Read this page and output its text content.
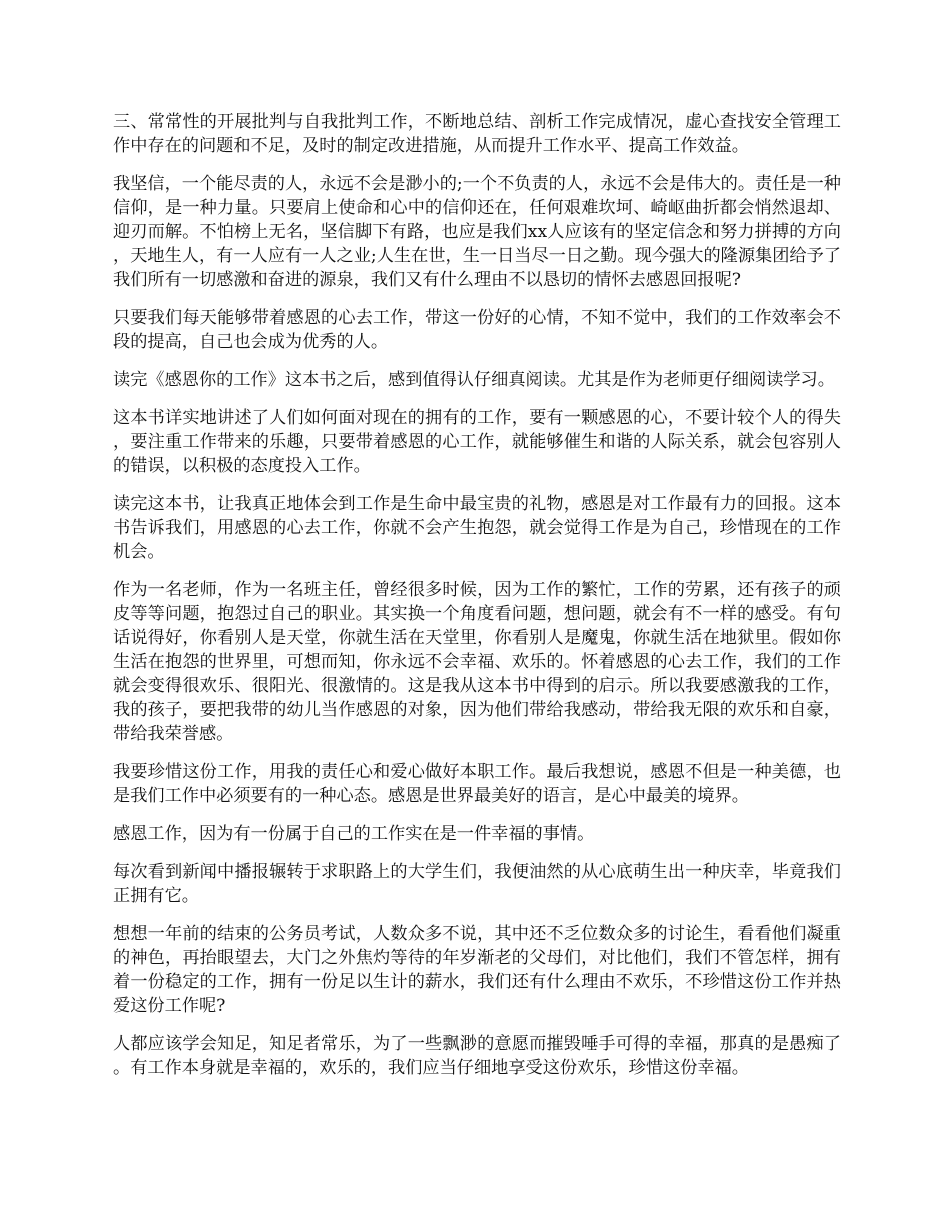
三、常常性的开展批判与自我批判工作，不断地总结、剖析工作完成情况，虚心查找安全管理工作中存在的问题和不足，及时的制定改进措施，从而提升工作水平、提高工作效益。

我坚信，一个能尽责的人，永远不会是渺小的;一个不负责的人，永远不会是伟大的。责任是一种信仰，是一种力量。只要肩上使命和心中的信仰还在，任何艰难坎坷、崎岖曲折都会悄然退却、迎刃而解。不怕榜上无名，坚信脚下有路，也应是我们xx人应该有的坚定信念和努力拼搏的方向，天地生人，有一人应有一人之业;人生在世，生一日当尽一日之勤。现今强大的隆源集团给予了我们所有一切感激和奋进的源泉，我们又有什么理由不以恳切的情怀去感恩回报呢?

只要我们每天能够带着感恩的心去工作，带这一份好的心情，不知不觉中，我们的工作效率会不段的提高，自己也会成为优秀的人。

读完《感恩你的工作》这本书之后，感到值得认仔细真阅读。尤其是作为老师更仔细阅读学习。

这本书详实地讲述了人们如何面对现在的拥有的工作，要有一颗感恩的心，不要计较个人的得失，要注重工作带来的乐趣，只要带着感恩的心工作，就能够催生和谐的人际关系，就会包容别人的错误，以积极的态度投入工作。

读完这本书，让我真正地体会到工作是生命中最宝贵的礼物，感恩是对工作最有力的回报。这本书告诉我们，用感恩的心去工作，你就不会产生抱怨，就会觉得工作是为自己，珍惜现在的工作机会。

作为一名老师，作为一名班主任，曾经很多时候，因为工作的繁忙，工作的劳累，还有孩子的顽皮等等问题，抱怨过自己的职业。其实换一个角度看问题，想问题，就会有不一样的感受。有句话说得好，你看别人是天堂，你就生活在天堂里，你看别人是魔鬼，你就生活在地狱里。假如你生活在抱怨的世界里，可想而知，你永远不会幸福、欢乐的。怀着感恩的心去工作，我们的工作就会变得很欢乐、很阳光、很激情的。这是我从这本书中得到的启示。所以我要感激我的工作，我的孩子，要把我带的幼儿当作感恩的对象，因为他们带给我感动，带给我无限的欢乐和自豪，带给我荣誉感。

我要珍惜这份工作，用我的责任心和爱心做好本职工作。最后我想说，感恩不但是一种美德，也是我们工作中必须要有的一种心态。感恩是世界最美好的语言，是心中最美的境界。

感恩工作，因为有一份属于自己的工作实在是一件幸福的事情。

每次看到新闻中播报辗转于求职路上的大学生们，我便油然的从心底萌生出一种庆幸，毕竟我们正拥有它。

想想一年前的结束的公务员考试，人数众多不说，其中还不乏位数众多的讨论生，看看他们凝重的神色，再抬眼望去，大门之外焦灼等待的年岁渐老的父母们，对比他们，我们不管怎样，拥有着一份稳定的工作，拥有一份足以生计的薪水，我们还有什么理由不欢乐，不珍惜这份工作并热爱这份工作呢?

人都应该学会知足，知足者常乐，为了一些飘渺的意愿而摧毁唾手可得的幸福，那真的是愚痴了。有工作本身就是幸福的，欢乐的，我们应当仔细地享受这份欢乐，珍惜这份幸福。
